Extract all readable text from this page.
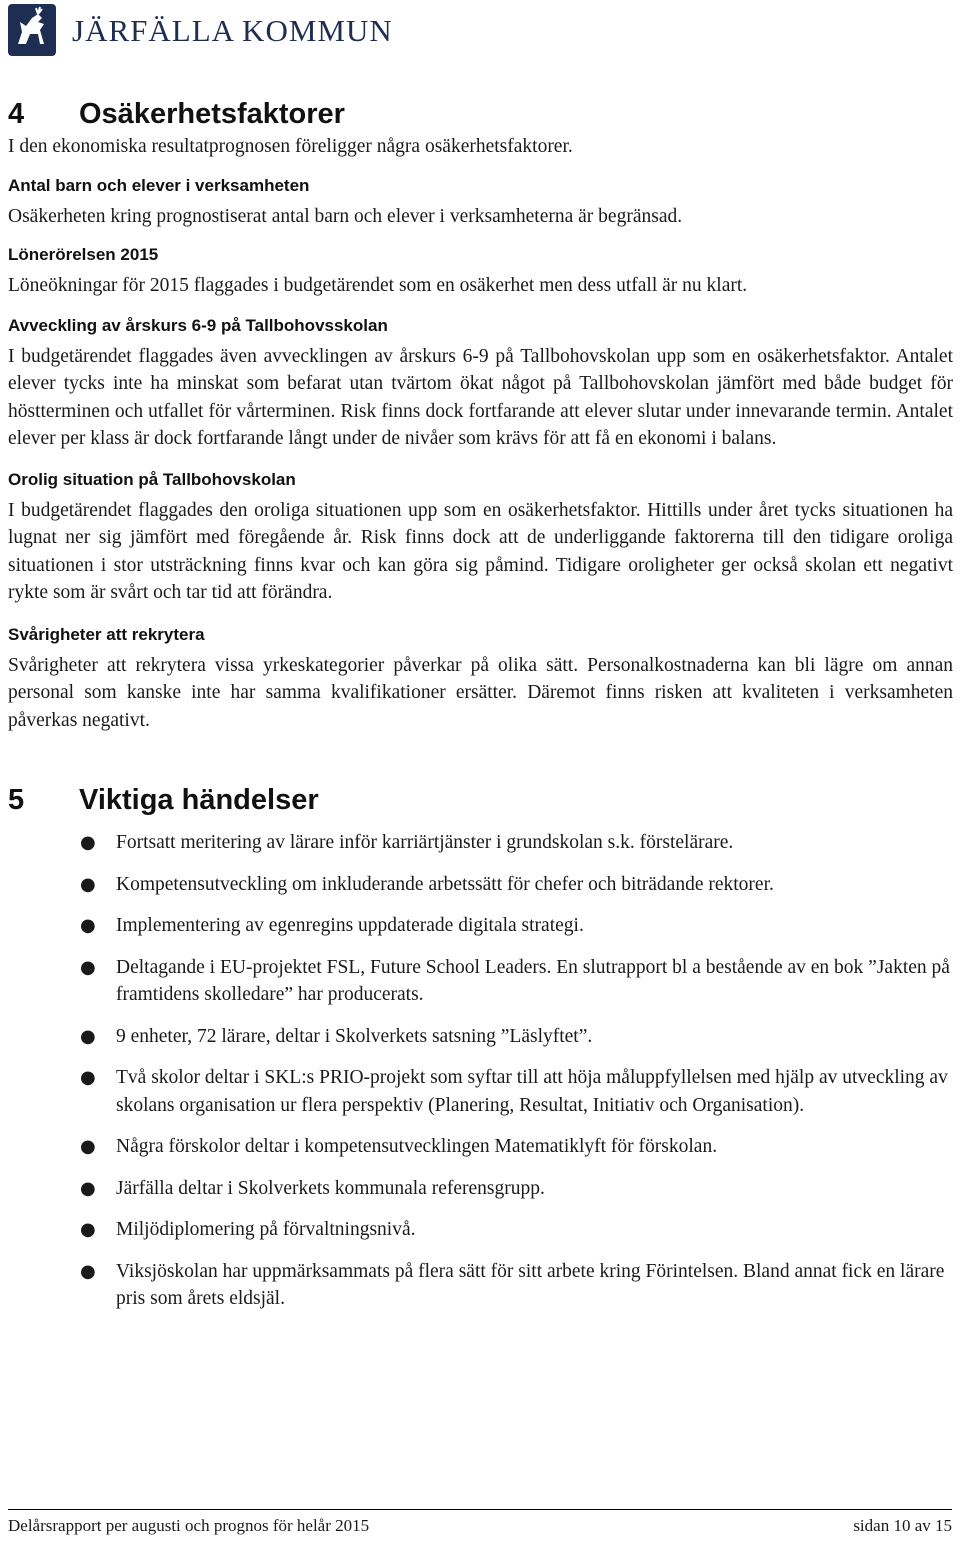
JÄRFÄLLA KOMMUN
4 Osäkerhetsfaktorer

I den ekonomiska resultatprognosen föreligger några osäkerhetsfaktorer.

Antal barn och elever i verksamheten

Osäkerheten kring prognostiserat antal barn och elever i verksamheterna är begränsad.

Lönerörelsen 2015

Löneökningar för 2015 flaggades i budgetärendet som en osäkerhet men dess utfall är nu klart.

Avveckling av årskurs 6-9 på Tallbohovsskolan

I budgetärendet flaggades även avvecklingen av årskurs 6-9 på Tallbohovskolan upp som en osäkerhetsfaktor. Antalet elever tycks inte ha minskat som befarat utan tvärtom ökat något på Tallbohovskolan jämfört med både budget för höstterminen och utfallet för vårterminen. Risk finns dock fortfarande att elever slutar under innevarande termin. Antalet elever per klass är dock fortfarande långt under de nivåer som krävs för att få en ekonomi i balans.

Orolig situation på Tallbohovskolan

I budgetärendet flaggades den oroliga situationen upp som en osäkerhetsfaktor. Hittills under året tycks situationen ha lugnat ner sig jämfört med föregående år. Risk finns dock att de underliggande faktorerna till den tidigare oroliga situationen i stor utsträckning finns kvar och kan göra sig påmind. Tidigare oroligheter ger också skolan ett negativt rykte som är svårt och tar tid att förändra.

Svårigheter att rekrytera

Svårigheter att rekrytera vissa yrkeskategorier påverkar på olika sätt. Personalkostnaderna kan bli lägre om annan personal som kanske inte har samma kvalifikationer ersätter. Däremot finns risken att kvaliteten i verksamheten påverkas negativt.

5 Viktiga händelser
● Fortsatt meritering av lärare inför karriärtjänster i grundskolan s.k. förstelärare.
● Kompetensutveckling om inkluderande arbetssätt för chefer och biträdande rektorer.
● Implementering av egenregins uppdaterade digitala strategi.
● Deltagande i EU-projektet FSL, Future School Leaders. En slutrapport bl a bestående av en bok ”Jakten på framtidens skolledare” har producerats.
● 9 enheter, 72 lärare, deltar i Skolverkets satsning ”Läslyftet”.
● Två skolor deltar i SKL:s PRIO-projekt som syftar till att höja måluppfyllelsen med hjälp av utveckling av skolans organisation ur flera perspektiv (Planering, Resultat, Initiativ och Organisation).
● Några förskolor deltar i kompetensutvecklingen Matematiklyft för förskolan.
● Järfälla deltar i Skolverkets kommunala referensgrupp.
● Miljödiplomering på förvaltningsnivå.
● Viksjöskolan har uppmärksammats på flera sätt för sitt arbete kring Förintelsen. Bland annat fick en lärare pris som årets eldsjäl.
Delårsrapport per augusti och prognos för helår 2015	sidan 10 av 15
